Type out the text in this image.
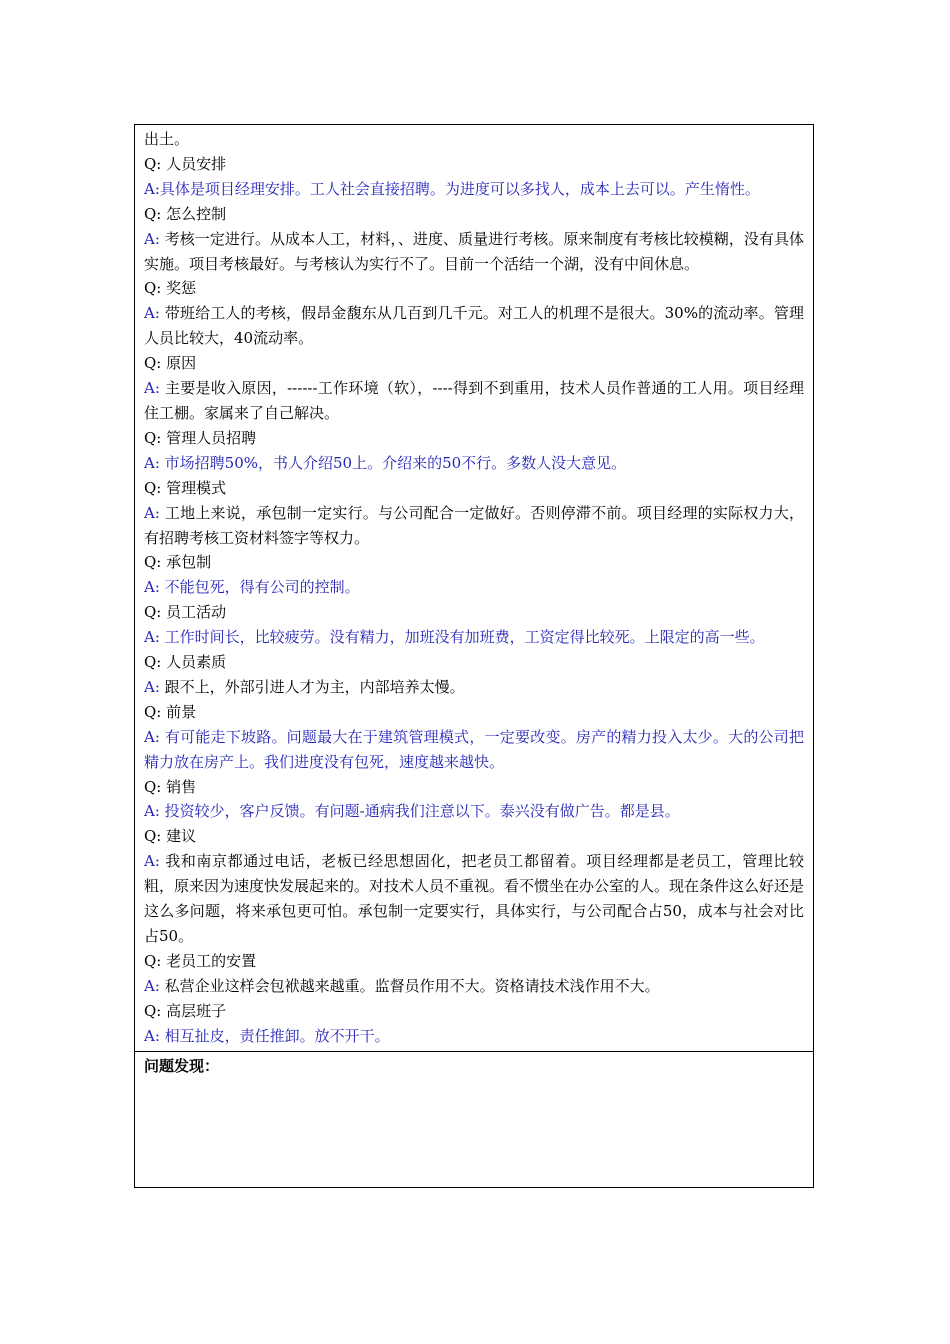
出土。

Q: 人员安排

A:具体是项目经理安排。工人社会直接招聘。为进度可以多找人，成本上去可以。产生惰性。

Q: 怎么控制

A: 考核一定进行。从成本人工，材料，、进度、质量进行考核。原来制度有考核比较模糊，没有具体实施。项目考核最好。与考核认为实行不了。目前一个活结一个湖，没有中间休息。

Q: 奖惩

A: 带班给工人的考核，假昂金馥东从几百到几千元。对工人的机理不是很大。30%的流动率。管理人员比较大，40流动率。

Q: 原因

A: 主要是收入原因，------工作环境（软），----得到不到重用，技术人员作普通的工人用。项目经理住工棚。家属来了自己解决。

Q: 管理人员招聘

A: 市场招聘50%，书人介绍50上。介绍来的50不行。多数人没大意见。

Q: 管理模式

A: 工地上来说，承包制一定实行。与公司配合一定做好。否则停滞不前。项目经理的实际权力大，有招聘考核工资材料签字等权力。

Q: 承包制

A: 不能包死，得有公司的控制。

Q: 员工活动

A: 工作时间长，比较疲劳。没有精力，加班没有加班费，工资定得比较死。上限定的高一些。

Q: 人员素质

A: 跟不上，外部引进人才为主，内部培养太慢。

Q: 前景

A: 有可能走下坡路。问题最大在于建筑管理模式，一定要改变。房产的精力投入太少。大的公司把精力放在房产上。我们进度没有包死，速度越来越快。

Q: 销售

A: 投资较少，客户反馈。有问题-通病我们注意以下。泰兴没有做广告。都是县。

Q: 建议

A: 我和南京都通过电话，老板已经思想固化，把老员工都留着。项目经理都是老员工，管理比较粗，原来因为速度快发展起来的。对技术人员不重视。看不惯坐在办公室的人。现在条件这么好还是这么多问题，将来承包更可怕。承包制一定要实行，具体实行，与公司配合占50，成本与社会对比占50。

Q: 老员工的安置

A: 私营企业这样会包袱越来越重。监督员作用不大。资格请技术浅作用不大。

Q: 高层班子

A: 相互扯皮，责任推卸。放不开干。

问题发现：
